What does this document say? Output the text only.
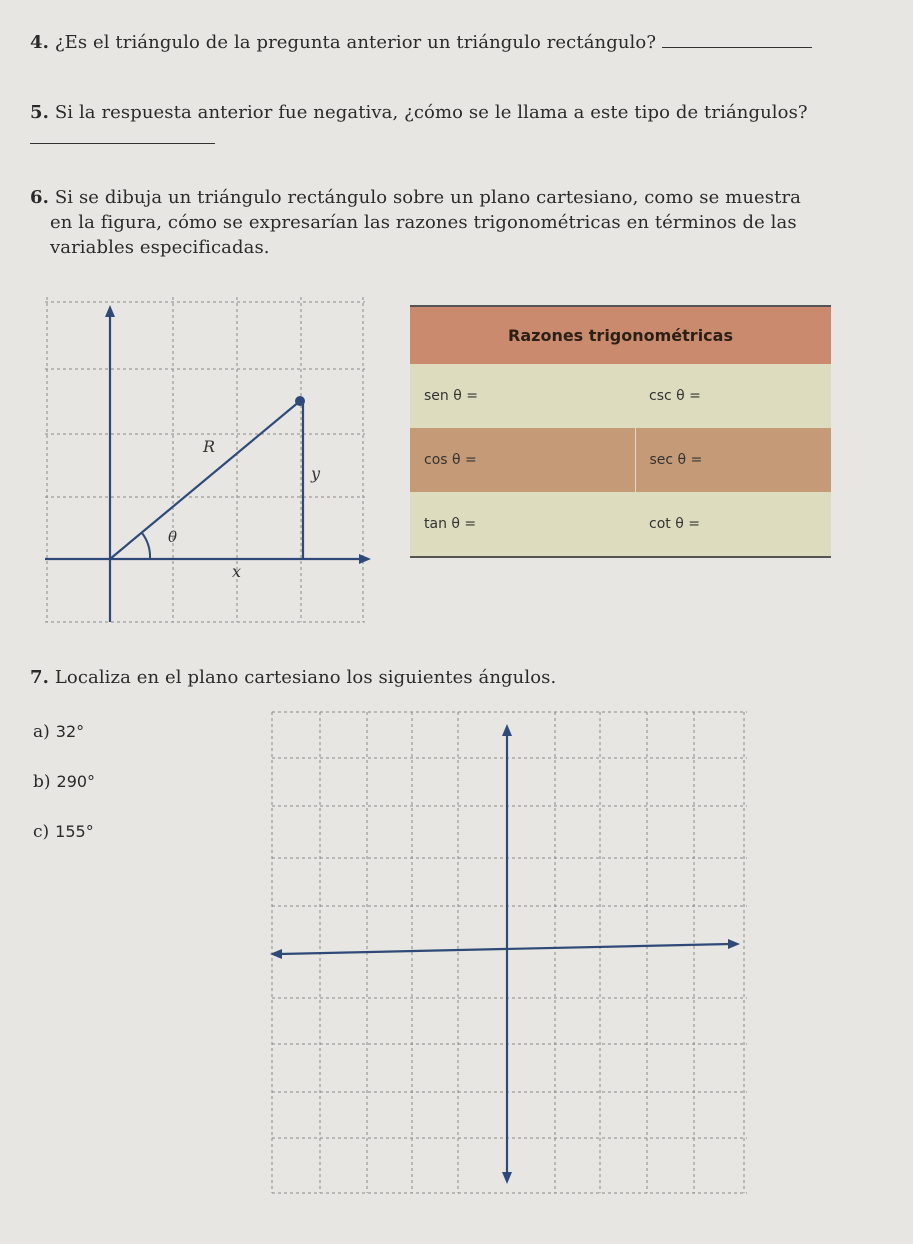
4. ¿Es el triángulo de la pregunta anterior un triángulo rectángulo?
5. Si la respuesta anterior fue negativa, ¿cómo se le llama a este tipo de triángulos?
6. Si se dibuja un triángulo rectángulo sobre un plano cartesiano, como se muestra
en la figura, cómo se expresarían las razones trigonométricas en términos de las
variables especificadas.
R
y
θ
x
Razones trigonométricas	
sen θ =	csc θ =
cos θ =	sec θ =
tan θ =	cot θ =
7. Localiza en el plano cartesiano los siguientes ángulos.
a) 32°
b) 290°
c) 155°
